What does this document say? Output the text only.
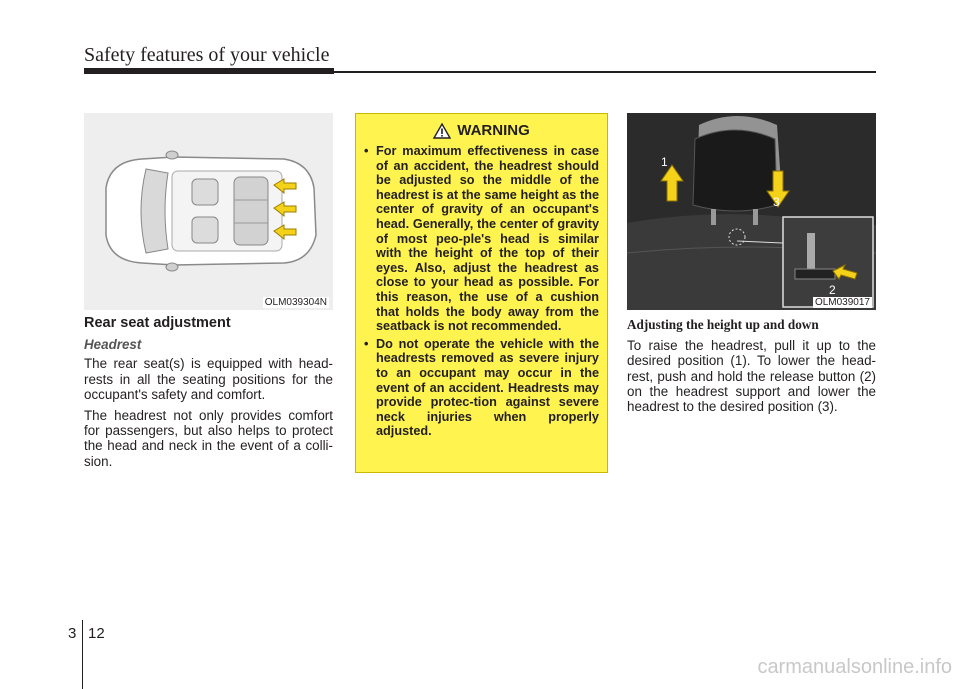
Safety features of your vehicle
OLM039304N
Rear seat adjustment
Headrest

The rear seat(s) is equipped with head-rests in all the seating positions for the occupant's safety and comfort.

The headrest not only provides comfort for passengers, but also helps to protect the head and neck in the event of a colli-sion.

WARNING
• For maximum effectiveness in case of an accident, the headrest should be adjusted so the middle of the headrest is at the same height as the center of gravity of an occupant's head. Generally, the center of gravity of most peo-ple's head is similar with the height of the top of their eyes. Also, adjust the headrest as close to your head as possible. For this reason, the use of a cushion that holds the body away from the seatback is not recommended.
• Do not operate the vehicle with the headrests removed as severe injury to an occupant may occur in the event of an accident. Headrests may provide protec-tion against severe neck injuries when properly adjusted.
1
3
2
OLM039017
Adjusting the height up and down

To raise the headrest, pull it up to the desired position (1). To lower the head-rest, push and hold the release button (2) on the headrest support and lower the headrest to the desired position (3).

3 12
carmanualsonline.info
